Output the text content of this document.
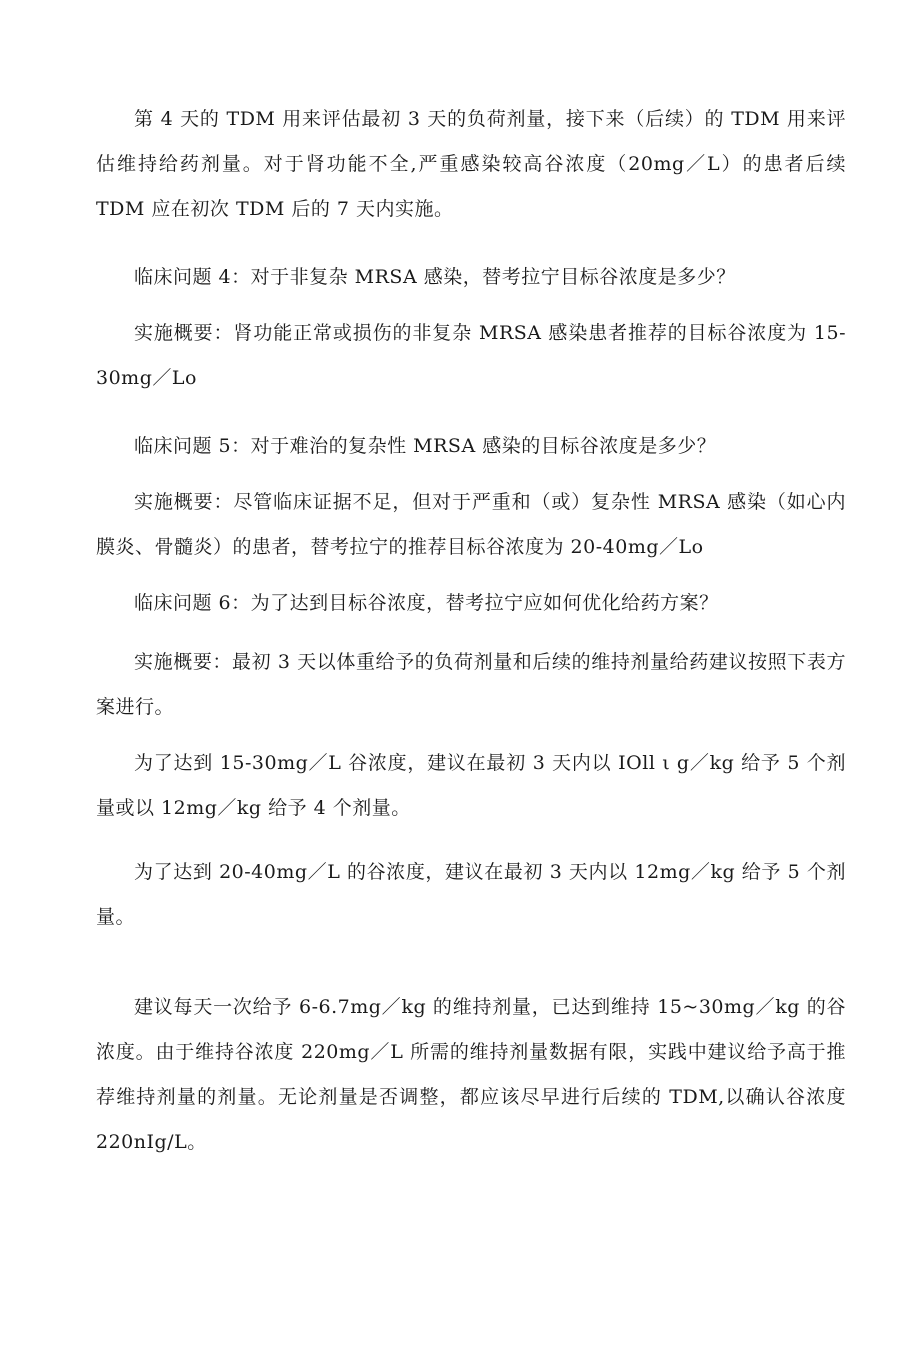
第 4 天的 TDM 用来评估最初 3 天的负荷剂量，接下来（后续）的 TDM 用来评估维持给药剂量。对于肾功能不全,严重感染较高谷浓度（20mg／L）的患者后续 TDM 应在初次 TDM 后的 7 天内实施。

临床问题 4：对于非复杂 MRSA 感染，替考拉宁目标谷浓度是多少？

实施概要：肾功能正常或损伤的非复杂 MRSA 感染患者推荐的目标谷浓度为 15-30mg／Lo

临床问题 5：对于难治的复杂性 MRSA 感染的目标谷浓度是多少？

实施概要：尽管临床证据不足，但对于严重和（或）复杂性 MRSA 感染（如心内膜炎、骨髓炎）的患者，替考拉宁的推荐目标谷浓度为 20-40mg／Lo

临床问题 6：为了达到目标谷浓度，替考拉宁应如何优化给药方案？

实施概要：最初 3 天以体重给予的负荷剂量和后续的维持剂量给药建议按照下表方案进行。

为了达到 15-30mg／L 谷浓度，建议在最初 3 天内以 IOll ι g／kg 给予 5 个剂量或以 12mg／kg 给予 4 个剂量。

为了达到 20-40mg／L 的谷浓度，建议在最初 3 天内以 12mg／kg 给予 5 个剂量。

建议每天一次给予 6-6.7mg／kg 的维持剂量，已达到维持 15~30mg／kg 的谷浓度。由于维持谷浓度 220mg／L 所需的维持剂量数据有限，实践中建议给予高于推荐维持剂量的剂量。无论剂量是否调整，都应该尽早进行后续的 TDM,以确认谷浓度 220nIg/L。
